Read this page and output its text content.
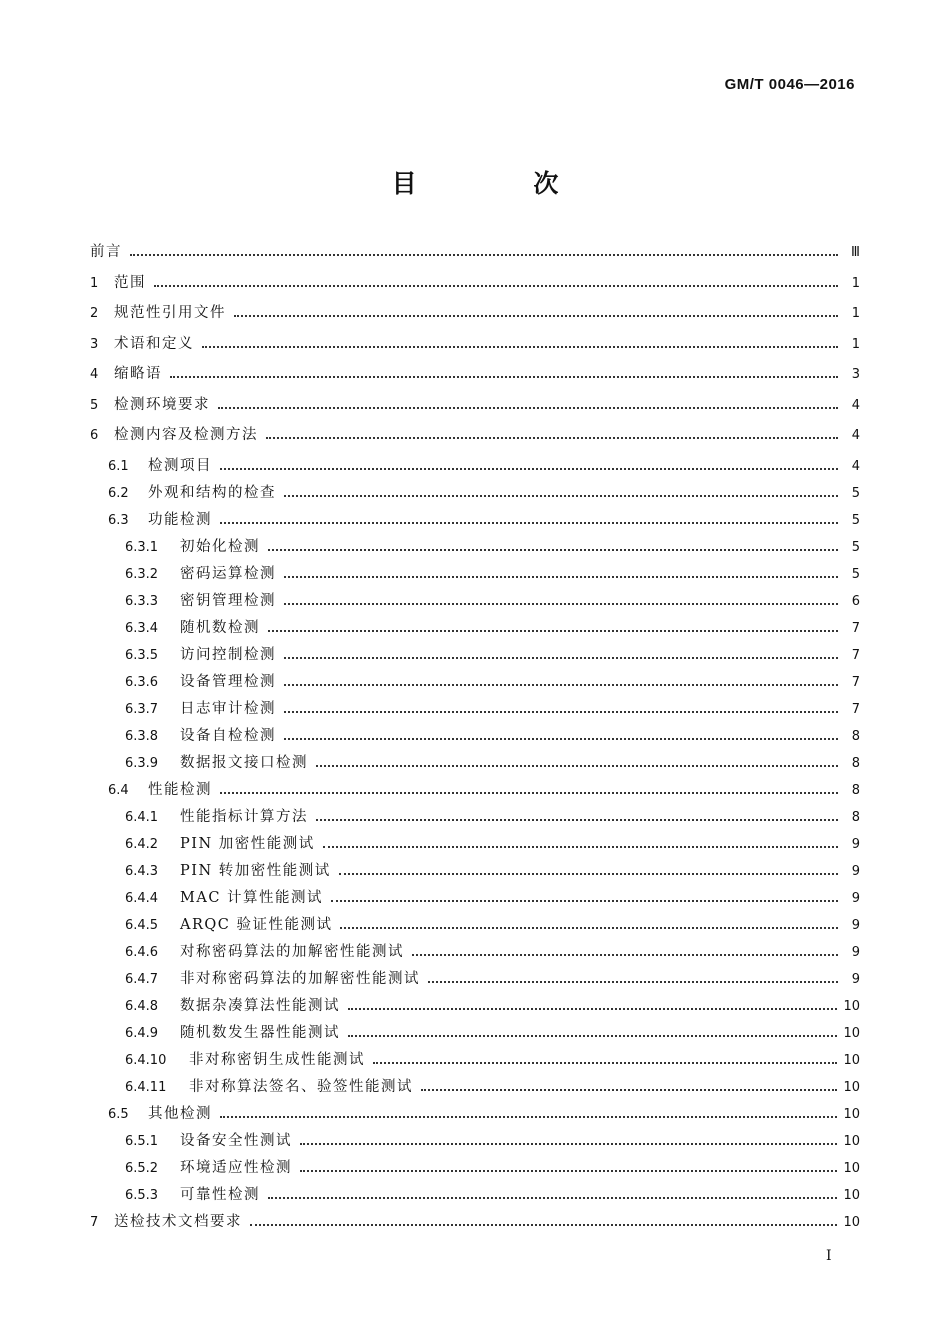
GM/T 0046—2016
目 次
前言	Ⅲ
1	范围	1
2	规范性引用文件	1
3	术语和定义	1
4	缩略语	3
5	检测环境要求	4
6	检测内容及检测方法	4
6.1	检测项目	4
6.2	外观和结构的检查	5
6.3	功能检测	5
6.3.1	初始化检测	5
6.3.2	密码运算检测	5
6.3.3	密钥管理检测	6
6.3.4	随机数检测	7
6.3.5	访问控制检测	7
6.3.6	设备管理检测	7
6.3.7	日志审计检测	7
6.3.8	设备自检检测	8
6.3.9	数据报文接口检测	8
6.4	性能检测	8
6.4.1	性能指标计算方法	8
6.4.2	PIN 加密性能测试	9
6.4.3	PIN 转加密性能测试	9
6.4.4	MAC 计算性能测试	9
6.4.5	ARQC 验证性能测试	9
6.4.6	对称密码算法的加解密性能测试	9
6.4.7	非对称密码算法的加解密性能测试	9
6.4.8	数据杂凑算法性能测试	10
6.4.9	随机数发生器性能测试	10
6.4.10	非对称密钥生成性能测试	10
6.4.11	非对称算法签名、验签性能测试	10
6.5	其他检测	10
6.5.1	设备安全性测试	10
6.5.2	环境适应性检测	10
6.5.3	可靠性检测	10
7	送检技术文档要求	10
Ⅰ
